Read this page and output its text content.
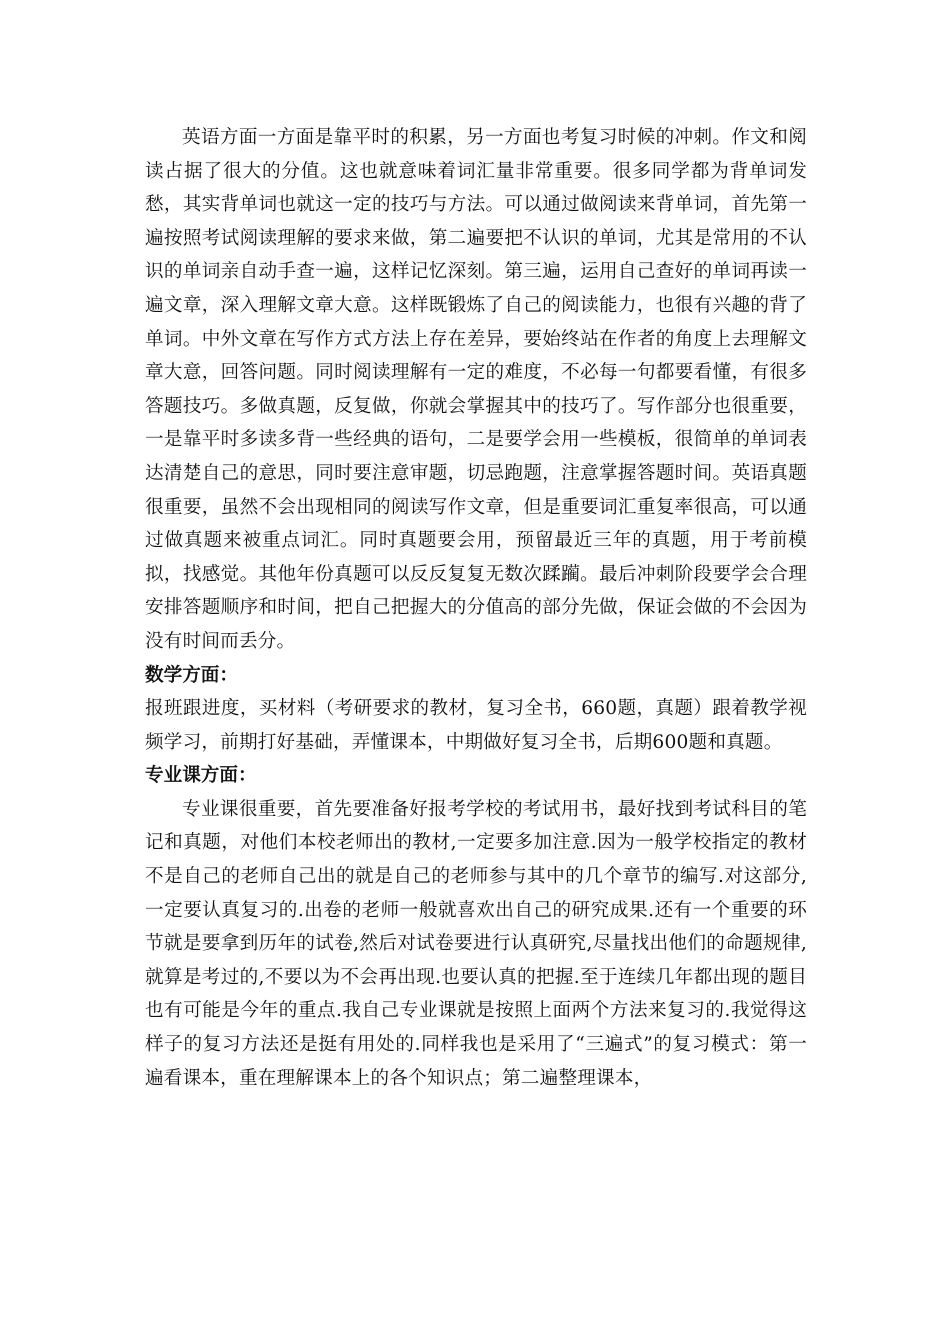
英语方面一方面是靠平时的积累，另一方面也考复习时候的冲刺。作文和阅读占据了很大的分值。这也就意味着词汇量非常重要。很多同学都为背单词发愁，其实背单词也就这一定的技巧与方法。可以通过做阅读来背单词，首先第一遍按照考试阅读理解的要求来做，第二遍要把不认识的单词，尤其是常用的不认识的单词亲自动手查一遍，这样记忆深刻。第三遍，运用自己查好的单词再读一遍文章，深入理解文章大意。这样既锻炼了自己的阅读能力，也很有兴趣的背了单词。中外文章在写作方式方法上存在差异，要始终站在作者的角度上去理解文章大意，回答问题。同时阅读理解有一定的难度，不必每一句都要看懂，有很多答题技巧。多做真题，反复做，你就会掌握其中的技巧了。写作部分也很重要，一是靠平时多读多背一些经典的语句，二是要学会用一些模板，很简单的单词表达清楚自己的意思，同时要注意审题，切忌跑题，注意掌握答题时间。英语真题很重要，虽然不会出现相同的阅读写作文章，但是重要词汇重复率很高，可以通过做真题来被重点词汇。同时真题要会用，预留最近三年的真题，用于考前模拟，找感觉。其他年份真题可以反反复复无数次蹂躏。最后冲刺阶段要学会合理安排答题顺序和时间，把自己把握大的分值高的部分先做，保证会做的不会因为没有时间而丢分。

数学方面：

报班跟进度，买材料（考研要求的教材，复习全书，660题，真题）跟着教学视频学习，前期打好基础，弄懂课本，中期做好复习全书，后期600题和真题。

专业课方面：

专业课很重要，首先要准备好报考学校的考试用书，最好找到考试科目的笔记和真题，对他们本校老师出的教材,一定要多加注意.因为一般学校指定的教材不是自己的老师自己出的就是自己的老师参与其中的几个章节的编写.对这部分,一定要认真复习的.出卷的老师一般就喜欢出自己的研究成果.还有一个重要的环节就是要拿到历年的试卷,然后对试卷要进行认真研究,尽量找出他们的命题规律,就算是考过的,不要以为不会再出现.也要认真的把握.至于连续几年都出现的题目也有可能是今年的重点.我自己专业课就是按照上面两个方法来复习的.我觉得这样子的复习方法还是挺有用处的.同样我也是采用了“三遍式”的复习模式：第一遍看课本，重在理解课本上的各个知识点；第二遍整理课本，
